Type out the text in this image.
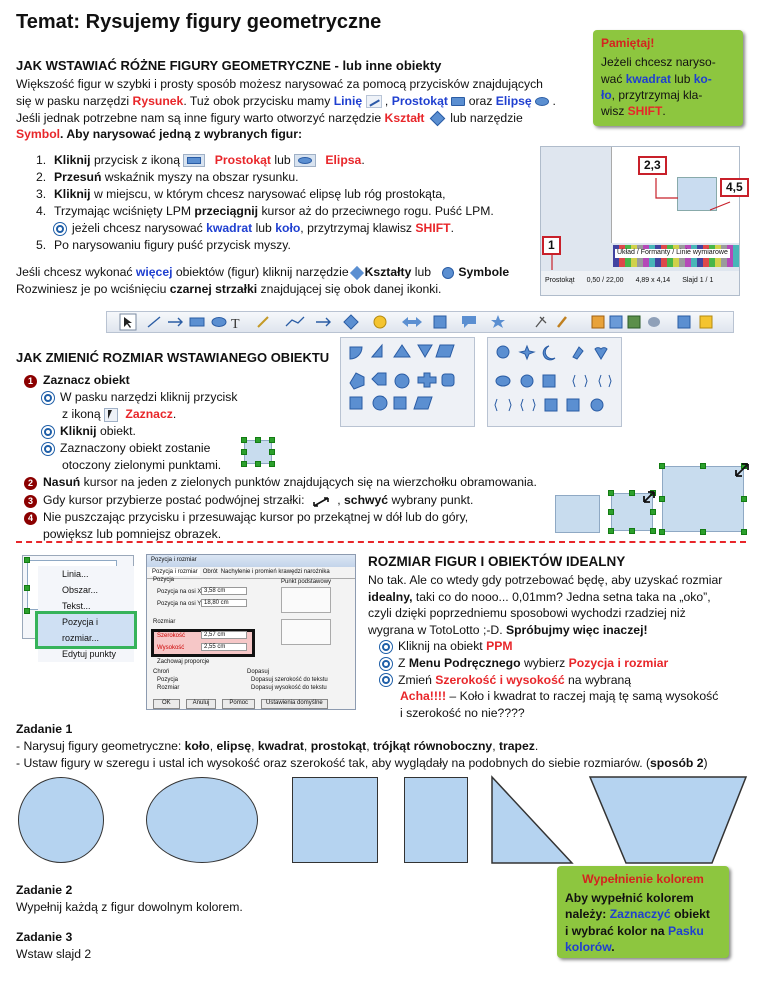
Temat: Rysujemy figury geometryczne
Pamiętaj!
Jeżeli chcesz naryso-
wać kwadrat lub ko-
ło, przytrzymaj kla-
wisz SHIFT.
JAK WSTAWIAĆ RÓŻNE FIGURY GEOMETRYCZNE - lub inne obiekty
Większość figur w szybki i prosty sposób możesz narysować za pomocą przycisków znajdujących
się w pasku narzędzi Rysunek. Tuż obok przycisku mamy Linię
, Prostokąt  oraz Elipsę  .
Jeśli jednak potrzebne nam są inne figury warto otworzyć narzędzie Kształt  lub narzędzie
Symbol. Aby narysować jedną z wybranych figur:
1. Kliknij przycisk z ikoną	Prostokąt lub	Elipsa.
2. Przesuń wskaźnik myszy na obszar rysunku.
3. Kliknij w miejscu, w którym chcesz narysować elipsę lub róg prostokąta,
4. Trzymając wciśnięty LPM przeciągnij kursor aż do przeciwnego rogu. Puść LPM.
jeżeli chcesz narysować kwadrat lub koło, przytrzymaj klawisz SHIFT.
5. Po narysowaniu figury puść przycisk myszy.
Układ / Formanty / Linie wymiarowe
Prostokąt 0,50 / 22,00 4,89 x 4,14 Slajd 1 / 1
2,3
4,5
1
Jeśli chcesz wykonać więcej obiektów (figur) kliknij narzędzie Kształty lub Symbole
Rozwiniesz je po wciśnięciu czarnej strzałki znajdującej się obok danej ikonki.
T
JAK ZMIENIĆ ROZMIAR WSTAWIANEGO OBIEKTU
1 Zaznacz obiekt
W pasku narzędzi kliknij przycisk
z ikoną
Zaznacz.
Kliknij obiekt.
Zaznaczony obiekt zostanie
otoczony zielonymi punktami.
2 Nasuń kursor na jeden z zielonych punktów znajdujących się na wierzchołku obramowania.
3 Gdy kursor przybierze postać podwójnej strzałki:  , schwyć wybrany punkt.
4 Nie puszczając przycisku i przesuwając kursor po przekątnej w dół lub do góry,
powiększ lub pomniejsz obrazek.
Linia...
Obszar...
Tekst...
Pozycja i rozmiar...
Edytuj punkty
Pozycja i rozmiar
Pozycja i rozmiar Obrót Nachylenie i promień krawędzi narożnika
Pozycja
Pozycja na osi X 3,58 cm
Pozycja na osi Y 18,80 cm
Punkt podstawowy
Rozmiar
Szerokość	2,57 cm
Wysokość	2,55 cm
Zachowaj proporcje
Chroń
Pozycja
Rozmiar
Dopasuj
Dopasuj szerokość do tekstu
Dopasuj wysokość do tekstu
OK	Anuluj	Pomoc	Ustawienia domyślne
ROZMIAR FIGUR I OBIEKTÓW IDEALNY
No tak. Ale co wtedy gdy potrzebować będę, aby uzyskać rozmiar
idealny, taki co do nooo... 0,01mm? Jedna setna taka na „oko”,
czyli dzięki poprzedniemu sposobowi wychodzi rzadziej niż
wygrana w TotoLotto ;-D. Spróbujmy więc inaczej!
Kliknij na obiekt PPM
Z Menu Podręcznego wybierz Pozycja i rozmiar
Zmień Szerokość i wysokość na wybraną
Acha!!!! – Koło i kwadrat to raczej mają tę samą wysokość
i szerokość no nie????
Zadanie 1
- Narysuj figury geometryczne: koło, elipsę, kwadrat, prostokąt, trójkąt równoboczny, trapez.
- Ustaw figury w szeregu i ustal ich wysokość oraz szerokość tak, aby wyglądały na podobnych do siebie rozmiarów. (sposób 2)
Zadanie 2
Wypełnij każdą z figur dowolnym kolorem.
Zadanie 3
Wstaw slajd 2
Wypełnienie kolorem
Aby wypełnić kolorem
należy: Zaznaczyć obiekt
i wybrać kolor na Pasku
kolorów.
